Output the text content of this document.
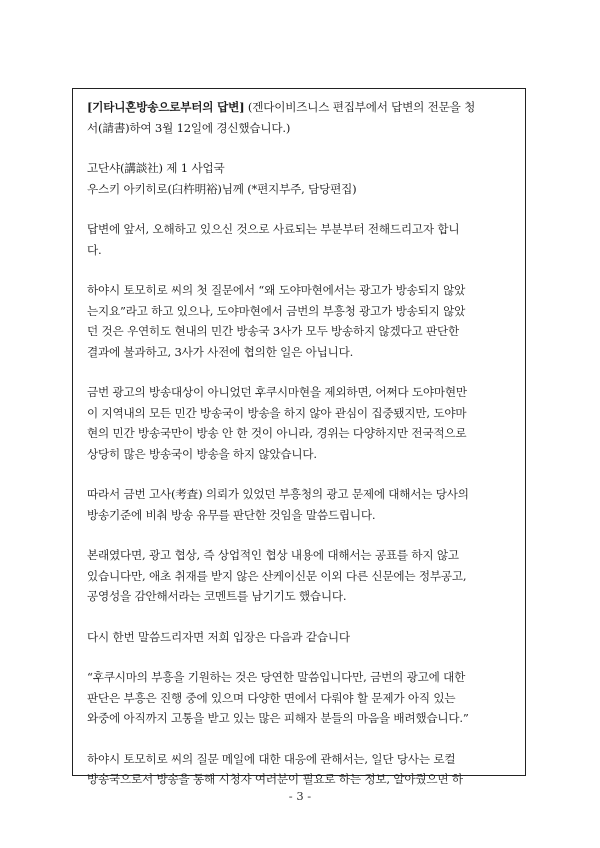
[기타니혼방송으로부터의 답변] (겐다이비즈니스 편집부에서 답변의 전문을 청
서(請書)하여 3월 12일에 경신했습니다.)
고단샤(講談社) 제 1 사업국
우스키 아키히로(臼杵明裕)님께 (*편지부주, 담당편집)
답변에 앞서, 오해하고 있으신 것으로 사료되는 부분부터 전해드리고자 합니
다.
하야시 토모히로 씨의 첫 질문에서 “왜 도야마현에서는 광고가 방송되지 않았
는지요”라고 하고 있으나, 도야마현에서 금번의 부흥청 광고가 방송되지 않았
던 것은 우연히도 현내의 민간 방송국 3사가 모두 방송하지 않겠다고 판단한
결과에 불과하고, 3사가 사전에 협의한 일은 아닙니다.
금번 광고의 방송대상이 아니었던 후쿠시마현을 제외하면, 어쩌다 도야마현만
이 지역내의 모든 민간 방송국이 방송을 하지 않아 관심이 집중됐지만, 도야마
현의 민간 방송국만이 방송 안 한 것이 아니라, 경위는 다양하지만 전국적으로
상당히 많은 방송국이 방송을 하지 않았습니다.
따라서 금번 고사(考査) 의뢰가 있었던 부흥청의 광고 문제에 대해서는 당사의
방송기준에 비춰 방송 유무를 판단한 것임을 말씀드립니다.
본래였다면, 광고 협상, 즉 상업적인 협상 내용에 대해서는 공표를 하지 않고
있습니다만, 애초 취재를 받지 않은 산케이신문 이외 다른 신문에는 정부공고,
공영성을 감안해서라는 코멘트를 남기기도 했습니다.
다시 한번 말씀드리자면 저희 입장은 다음과 같습니다
“후쿠시마의 부흥을 기원하는 것은 당연한 말씀입니다만, 금번의 광고에 대한
판단은 부흥은 진행 중에 있으며 다양한 면에서 다뤄야 할 문제가 아직 있는
와중에 아직까지 고통을 받고 있는 많은 피해자 분들의 마음을 배려했습니다.”
하야시 토모히로 씨의 질문 메일에 대한 대응에 관해서는, 일단 당사는 로컬
방송국으로서 방송을 통해 시청자 여러분이 필요로 하는 정보, 알아줬으면 하
- 3 -
